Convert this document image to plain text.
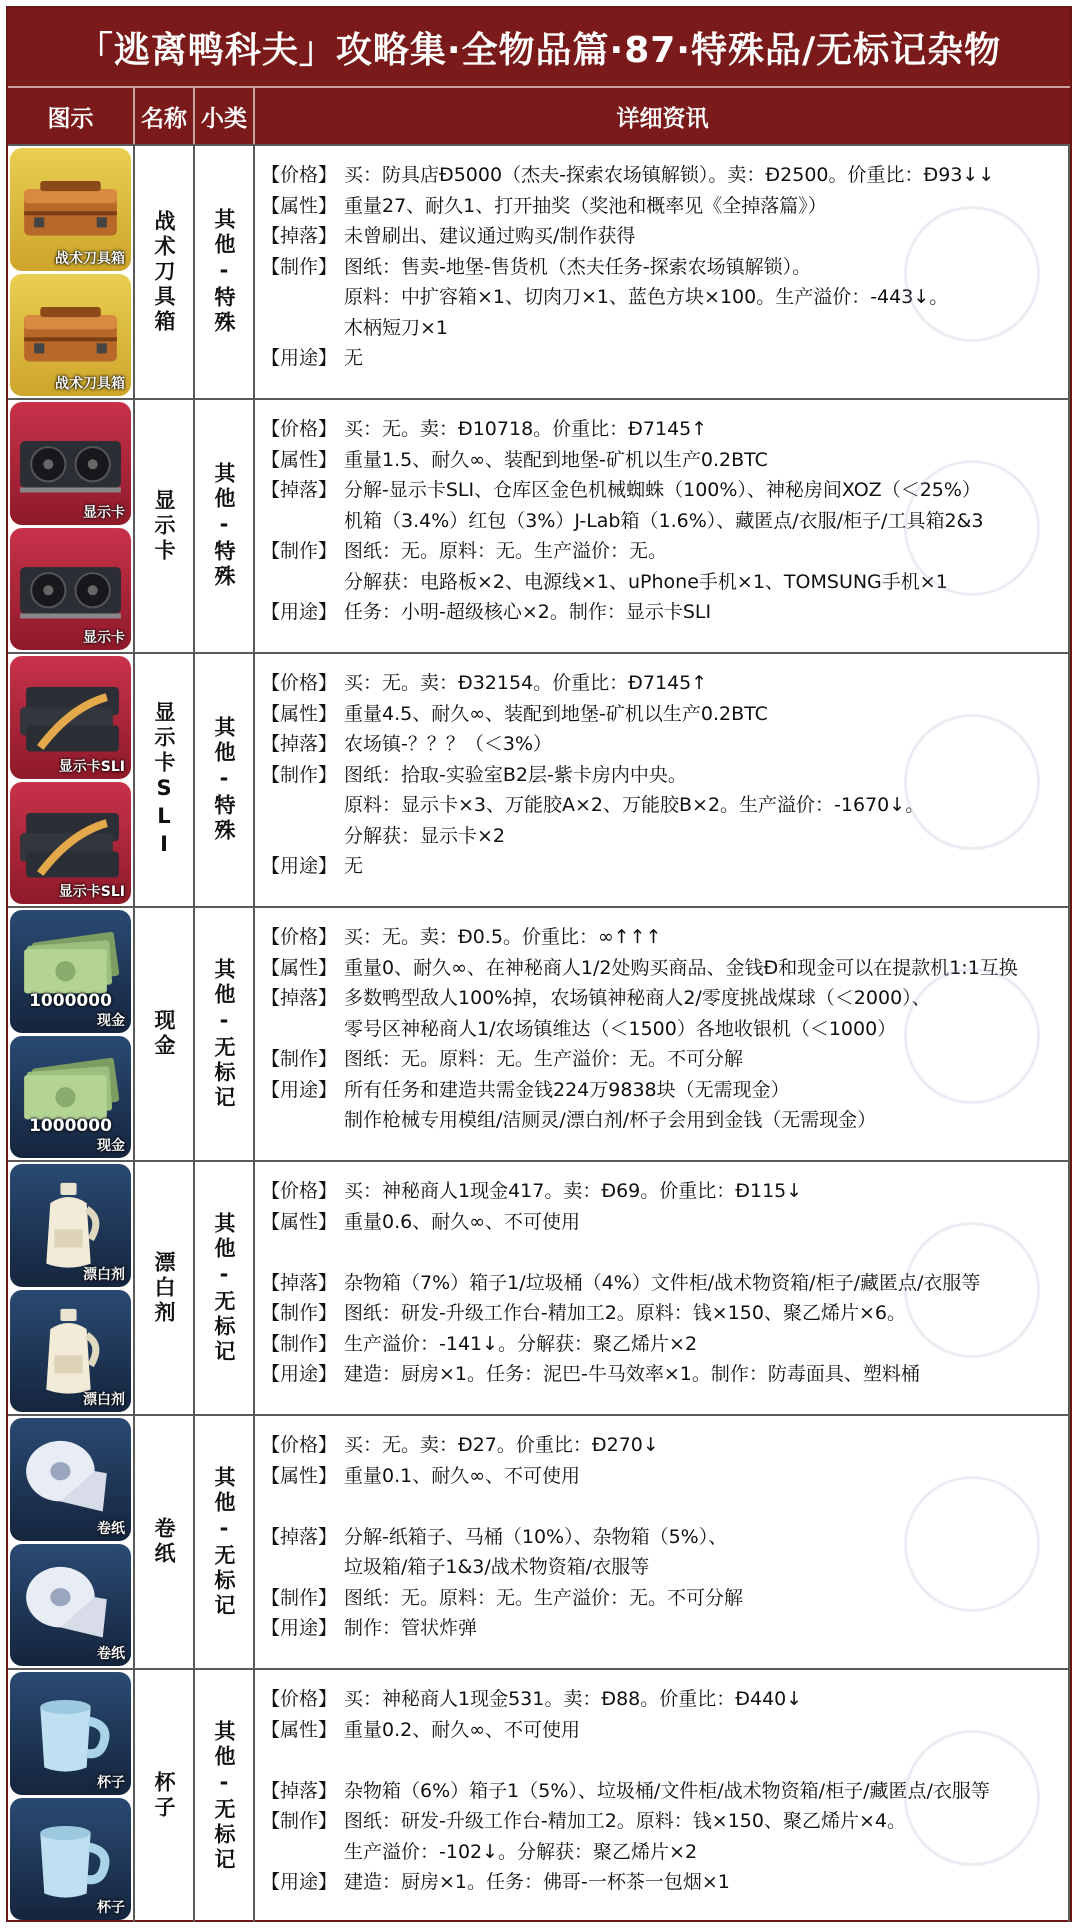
「逃离鸭科夫」攻略集·全物品篇·87·特殊品/无标记杂物
图示	名称 小类	详细资讯
战术刀具箱
战术刀具箱
战术刀具箱 其他-特殊
【价格】 买：防具店Đ5000（杰夫-探索农场镇解锁）。卖：Đ2500。价重比：Đ93↓↓
【属性】 重量27、耐久1、打开抽奖（奖池和概率见《全掉落篇》）
【掉落】 未曾刷出、建议通过购买/制作获得
【制作】 图纸：售卖-地堡-售货机（杰夫任务-探索农场镇解锁）。
原料：中扩容箱×1、切肉刀×1、蓝色方块×100。生产溢价：-443↓。
木柄短刀×1
【用途】 无
显示卡
显示卡
显示卡 其他-特殊
【价格】 买：无。卖：Đ10718。价重比：Đ7145↑
【属性】 重量1.5、耐久∞、装配到地堡-矿机以生产0.2BTC
【掉落】 分解-显示卡SLI、仓库区金色机械蜘蛛（100%）、神秘房间XOZ（＜25%）
机箱（3.4%）红包（3%）J-Lab箱（1.6%）、藏匿点/衣服/柜子/工具箱2&3
【制作】 图纸：无。原料：无。生产溢价：无。
分解获：电路板×2、电源线×1、uPhone手机×1、TOMSUNG手机×1
【用途】 任务：小明-超级核心×2。制作：显示卡SLI
显示卡SLI
显示卡SLI
显示卡SLI 其他-特殊
【价格】 买：无。卖：Đ32154。价重比：Đ7145↑
【属性】 重量4.5、耐久∞、装配到地堡-矿机以生产0.2BTC
【掉落】 农场镇-？？？（＜3%）
【制作】 图纸：拾取-实验室B2层-紫卡房内中央。
原料：显示卡×3、万能胶A×2、万能胶B×2。生产溢价：-1670↓。
分解获：显示卡×2
【用途】 无
1000000
现金
1000000
现金
现金 其他-无标记
【价格】 买：无。卖：Đ0.5。价重比：∞↑↑↑
【属性】 重量0、耐久∞、在神秘商人1/2处购买商品、金钱Đ和现金可以在提款机1:1互换
【掉落】 多数鸭型敌人100%掉，农场镇神秘商人2/零度挑战煤球（＜2000）、
零号区神秘商人1/农场镇维达（＜1500）各地收银机（＜1000）
【制作】 图纸：无。原料：无。生产溢价：无。不可分解
【用途】 所有任务和建造共需金钱224万9838块（无需现金）
制作枪械专用模组/洁厕灵/漂白剂/杯子会用到金钱（无需现金）
漂白剂
漂白剂
漂白剂 其他-无标记
【价格】 买：神秘商人1现金417。卖：Đ69。价重比：Đ115↓
【属性】 重量0.6、耐久∞、不可使用
【掉落】 杂物箱（7%）箱子1/垃圾桶（4%）文件柜/战术物资箱/柜子/藏匿点/衣服等
【制作】 图纸：研发-升级工作台-精加工2。原料：钱×150、聚乙烯片×6。
【制作】 生产溢价：-141↓。分解获：聚乙烯片×2
【用途】 建造：厨房×1。任务：泥巴-牛马效率×1。制作：防毒面具、塑料桶
卷纸
卷纸
卷纸 其他-无标记
【价格】 买：无。卖：Đ27。价重比：Đ270↓
【属性】 重量0.1、耐久∞、不可使用
【掉落】 分解-纸箱子、马桶（10%）、杂物箱（5%）、
垃圾箱/箱子1&3/战术物资箱/衣服等
【制作】 图纸：无。原料：无。生产溢价：无。不可分解
【用途】 制作：管状炸弹
杯子
杯子
杯子 其他-无标记
【价格】 买：神秘商人1现金531。卖：Đ88。价重比：Đ440↓
【属性】 重量0.2、耐久∞、不可使用
【掉落】 杂物箱（6%）箱子1（5%）、垃圾桶/文件柜/战术物资箱/柜子/藏匿点/衣服等
【制作】 图纸：研发-升级工作台-精加工2。原料：钱×150、聚乙烯片×4。
生产溢价：-102↓。分解获：聚乙烯片×2
【用途】 建造：厨房×1。任务：佛哥-一杯茶一包烟×1
